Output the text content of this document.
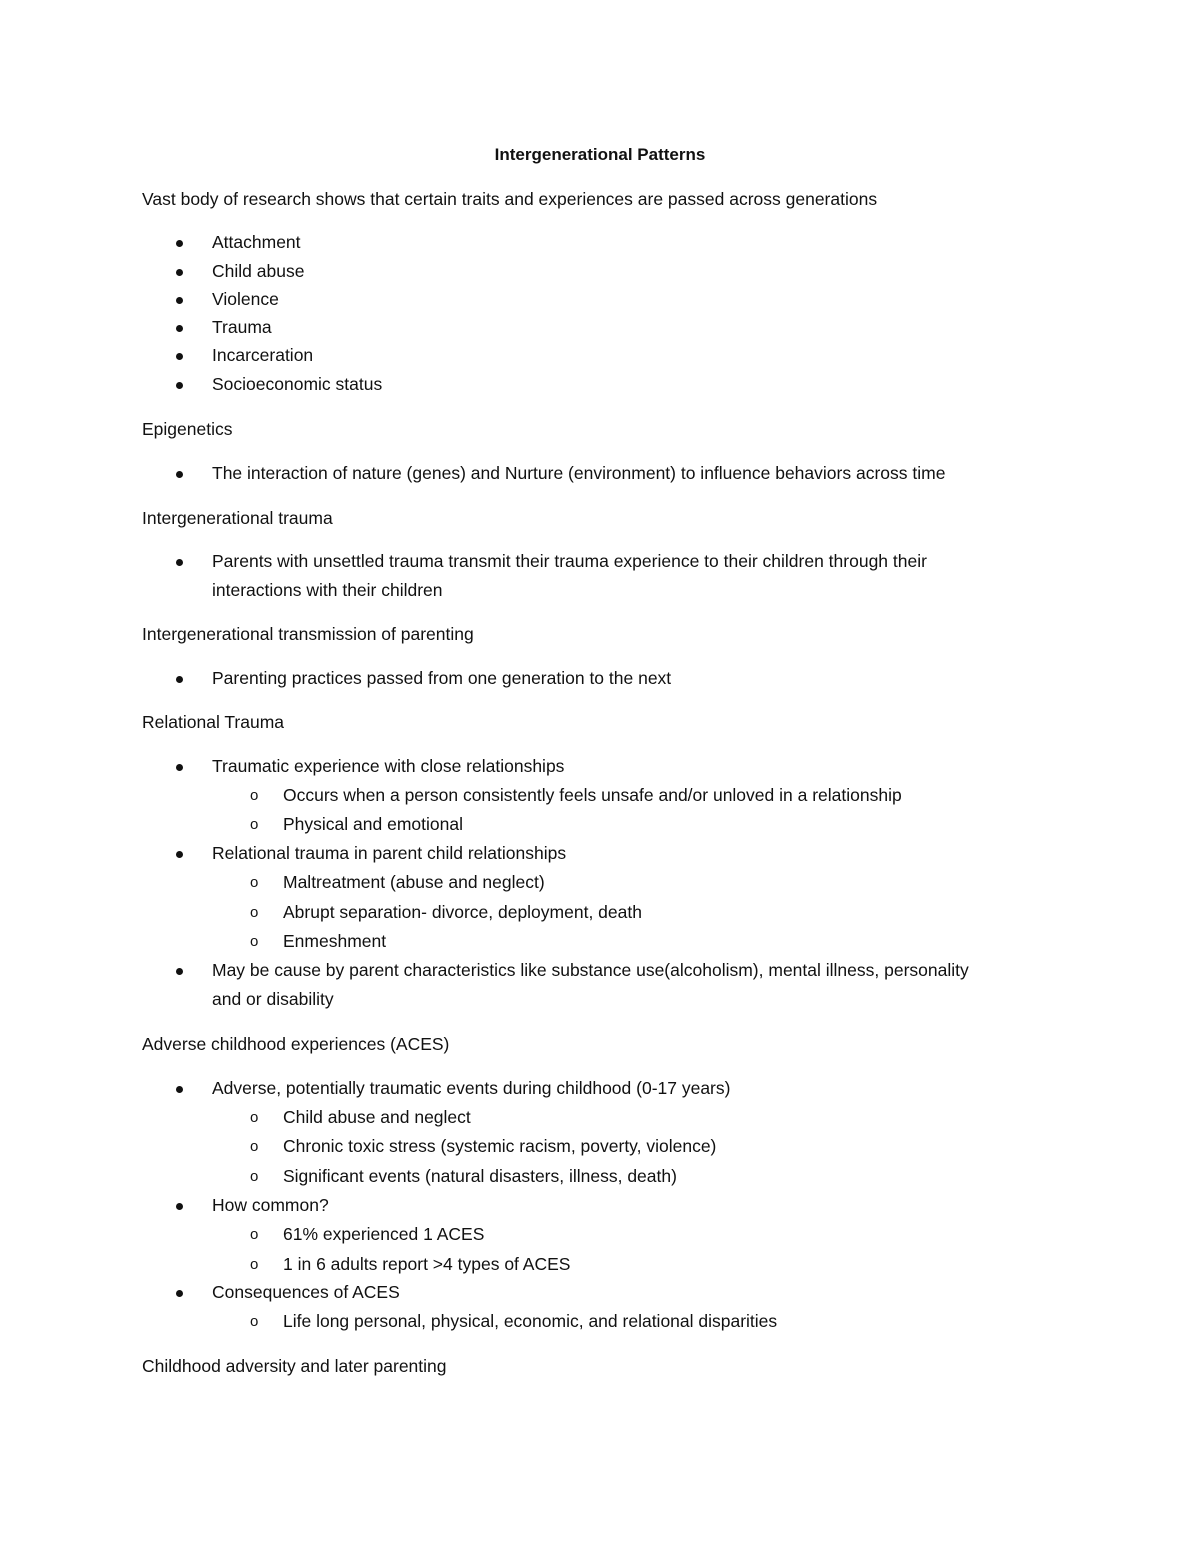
Intergenerational Patterns
Vast body of research shows that certain traits and experiences are passed across generations
Attachment
Child abuse
Violence
Trauma
Incarceration
Socioeconomic status
Epigenetics
The interaction of nature (genes) and Nurture (environment) to influence behaviors across time
Intergenerational trauma
Parents with unsettled trauma transmit their trauma experience to their children through their
interactions with their children
Intergenerational transmission of parenting
Parenting practices passed from one generation to the next
Relational Trauma
Traumatic experience with close relationships
o Occurs when a person consistently feels unsafe and/or unloved in a relationship
o Physical and emotional
Relational trauma in parent child relationships
o Maltreatment (abuse and neglect)
o Abrupt separation- divorce, deployment, death
o Enmeshment
May be cause by parent characteristics like substance use(alcoholism), mental illness, personality
and or disability
Adverse childhood experiences (ACES)
Adverse, potentially traumatic events during childhood (0-17 years)
o Child abuse and neglect
o Chronic toxic stress (systemic racism, poverty, violence)
o Significant events (natural disasters, illness, death)
How common?
o 61% experienced 1 ACES
o 1 in 6 adults report >4 types of ACES
Consequences of ACES
o Life long personal, physical, economic, and relational disparities
Childhood adversity and later parenting
